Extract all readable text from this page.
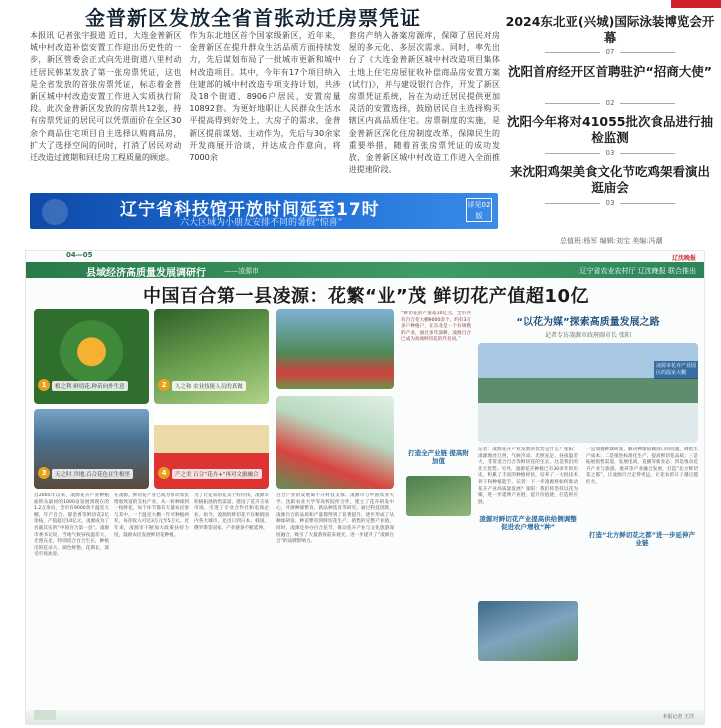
金普新区发放全省首张动迁房票凭证
本报讯 记者张宇报道 近日，大连金普新区城中村改造补偿安置工作迎出历史性的一步，新区管委会正式向先进街道八里村动迁居民韩某发放了第一张房票凭证，这也是全省发放的首张房票凭证，标志着金普新区城中村改造安置工作进入实质执行阶段。此次金普新区发放的房票共12张，持有房票凭证的居民可以凭票面价在全区30余个商品住宅项目自主选择认购商品房，扩大了选择空间的同时，打消了居民对动迁改造过渡期和回迁房工程质量的顾虑。
作为东北地区首个国家级新区，近年来，金普新区在提升群众生活品质方面持续发力，先后谋划布局了一批城市更新和城中村改造项目。其中，今年有17个项目纳入住建部的城中村改造专项支持计划，共涉及18个街道、8906户居民，安置房量10892套。为更好地职让人民群众生活水平提高得到好处上，大房子的需求，金普新区提前谋划、主动作为，先后与30余家开发商展开洽谈，并达成合作意向，将7000余
套房产纳入备案房源库，保障了居民对房屋的多元化、多层次需求。同时，率先出台了《大连金普新区城中村改造项目集体土地上住宅房屋征收补偿商品房安置方案(试行)》，并与建设银行合作，开发了新区房票凭证系统，旨在为动迁居民提供更加灵活的安置选择，鼓励居民自主选择购买辖区内高品质住宅。房票制度的实施，是金普新区深化住房制度改革，保障民生的重要举措，随着首张房票凭证的成功发放，金普新区城中村改造工作进入全面推进提速阶段。
2024东北亚(兴城)国际泳装博览会开幕
07
沈阳首府经开区首聘驻沪“招商大使”
02
沈阳今年将对41055批次食品进行抽检监测
03
来沈阳鸡架美食文化节吃鸡架看演出逛庙会
03
辽宁省科技馆开放时间延至17时
六大区域为小朋友安排不同的暑假“惊喜”
详见02版
总值班:杨军 编辑:刘宝 美编:冯潮
辽沈晚报
04—05
县域经济高质量发展调研行	——凌源市	辽宁省农业农村厅 辽沈晚报 联合推出
中国百合第一县凌源：花繁“业”茂 鲜切花产值超10亿
1	植之利 鲜切花,种苗向外生意	2	人之和 农业技能人员的真做
3	天之时 冷地,百合花色在生根里	4	产之美 百合“花卉+”再对文旅融合
“鲜切花的产值超10亿元，全市共有百合花大棚9000余个，约有3万多户种植户，在东北是一个有规模的产业，通过多年深耕，凌源百合已成为高端鲜切花的代名词。”
打造全产业链 提高附加值
“以花为媒”探索高质量发展之路
记者专访凌源市政府副市长 张阳
凌源市花卉产业园区的温室大棚
自2005年以来，凌源花卉产业种植面积从最初的1000亩发展到现在的1.2万余亩，全市有9000余个温室大棚，年产百合、郁金香等鲜切花2亿余枝，产值超过10亿元，凌源成为了名副其实的“中国百合第一县”。凌源市委书记说，当地气候昼夜温差大，光照充足，特别适合百合生长，种植出的花朵大、颜色鲜艳、花期长，深受市场欢迎。
在凌源，鲜切花产业已成为带动农民增收致富的支柱产业，从一粒种球到一枝鲜花，每个环节都有大量农民参与其中。一个温室大棚一年可种植两茬，每茬收入可达3万元至5万元。近年来，凌源市不断加大政策扶持力度，鼓励农民发展鲜切花种植。
为了让花农的花卖个好价钱，凌源市积极拓展销售渠道，建设了花卉交易市场，引进了专业合作社和电商企业。如今，凌源的鲜切花不仅畅销国内各大城市，还出口到日本、韩国、俄罗斯等国家，产业链条不断延伸。
百合产业的发展离不开科技支撑。凌源市与中国农业大学、沈阳农业大学等高校院所合作，建立了花卉研发中心，开展种球繁育、新品种选育等研究。通过科技创新，凌源百合的品质和产量都得到了显著提升，逐步形成了从种球研发、种苗繁育到鲜切花生产、销售的完整产业链。同时，凌源还举办百合花节，推动花卉产业与文化旅游深度融合，吸引了大量游客前来观光，进一步提升了“凌源百合”的品牌影响力。
记者：凌源花卉产业发展的优势是什么？张阳：凌源地处辽西，气候冷凉、光照充足、昼夜温差大，非常适合百合等鲜切花的生长，这是我们的先天优势。另外，凌源花卉种植已有30多年的历史，积累了丰富的种植经验，培养了一大批技术骨干和种植能手。记者：下一步凌源将如何推动花卉产业高质量发展？张阳：我们将坚持以花为媒，进一步延伸产业链，提升价值链，打造供应链。
一是加强种球研发，解决种球依赖进口的问题，降低生产成本；二是推进标准化生产，提高鲜切花品质；三是拓展销售渠道，发展电商、直播等新业态；四是推动花卉产业与旅游、康养等产业融合发展，打造“北方鲜切花之都”，让凌源百合走得更远，让花农的日子越过越红火。
凌源对鲜切花产业提高供给侧调整 促进农户增收“种”
打造“北方鲜切花之都”进一步延伸产业链
本报记者 王洋
